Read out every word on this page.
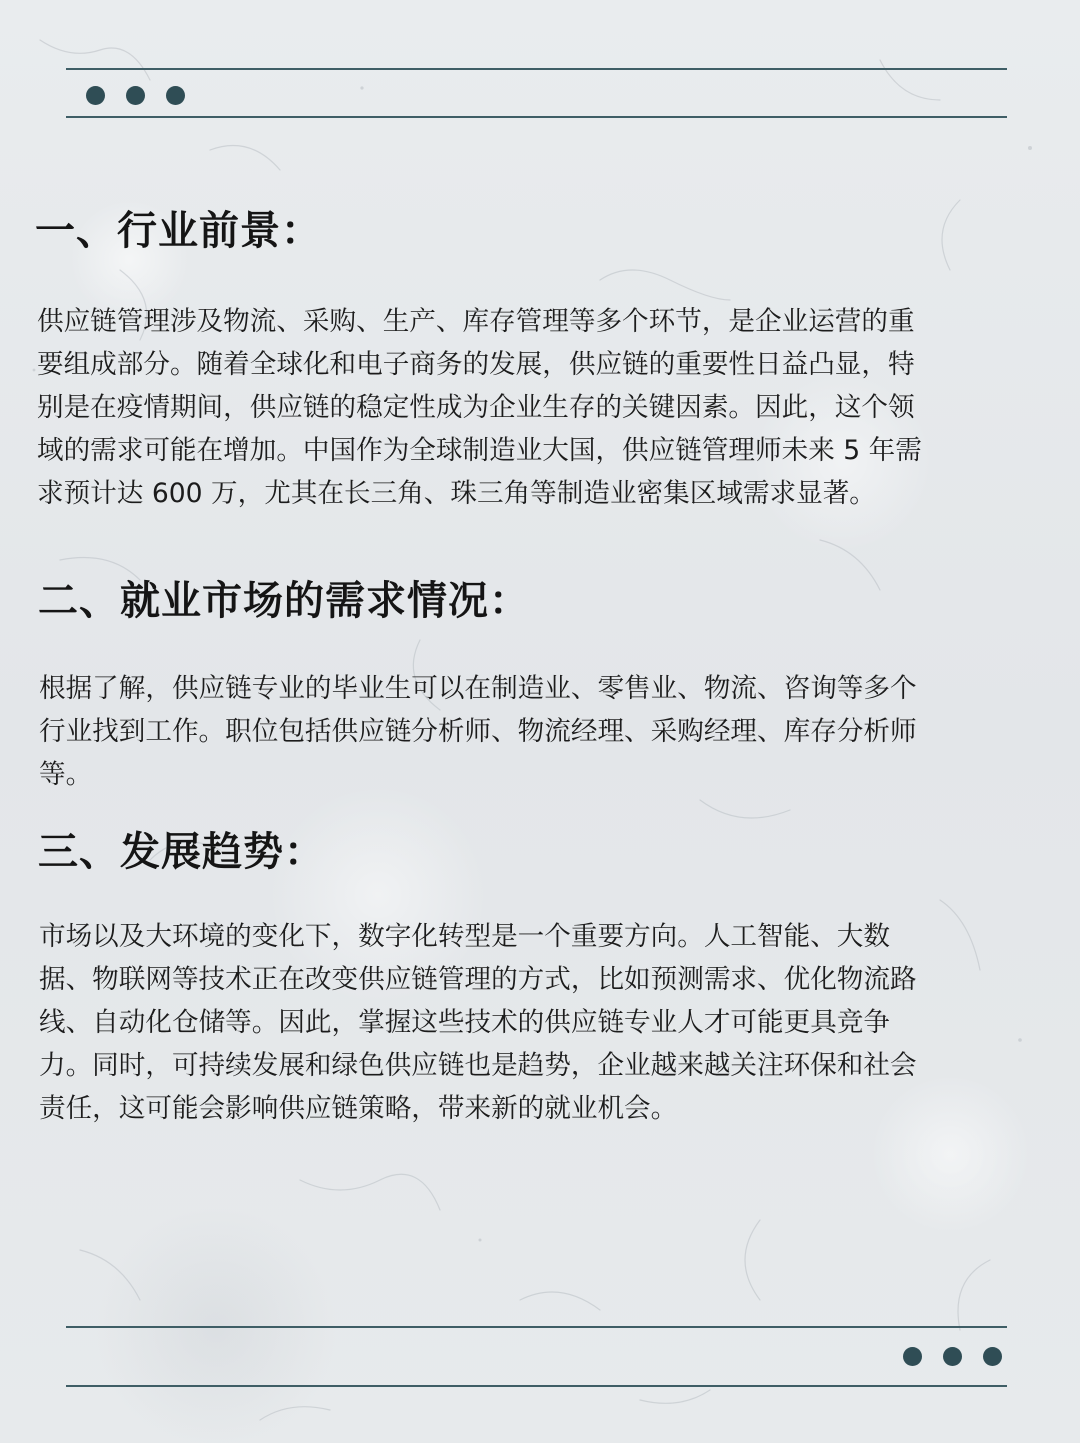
一、行业前景：
供应链管理涉及物流、采购、生产、库存管理等多个环节，是企业运营的重
要组成部分。随着全球化和电子商务的发展，供应链的重要性日益凸显，特
别是在疫情期间，供应链的稳定性成为企业生存的关键因素。因此，这个领
域的需求可能在增加。中国作为全球制造业大国，供应链管理师未来 5 年需
求预计达 600 万，尤其在长三角、珠三角等制造业密集区域需求显著。
二、就业市场的需求情况：
根据了解，供应链专业的毕业生可以在制造业、零售业、物流、咨询等多个
行业找到工作。职位包括供应链分析师、物流经理、采购经理、库存分析师
等。
三、发展趋势：
市场以及大环境的变化下，数字化转型是一个重要方向。人工智能、大数
据、物联网等技术正在改变供应链管理的方式，比如预测需求、优化物流路
线、自动化仓储等。因此，掌握这些技术的供应链专业人才可能更具竞争
力。同时，可持续发展和绿色供应链也是趋势，企业越来越关注环保和社会
责任，这可能会影响供应链策略，带来新的就业机会。
